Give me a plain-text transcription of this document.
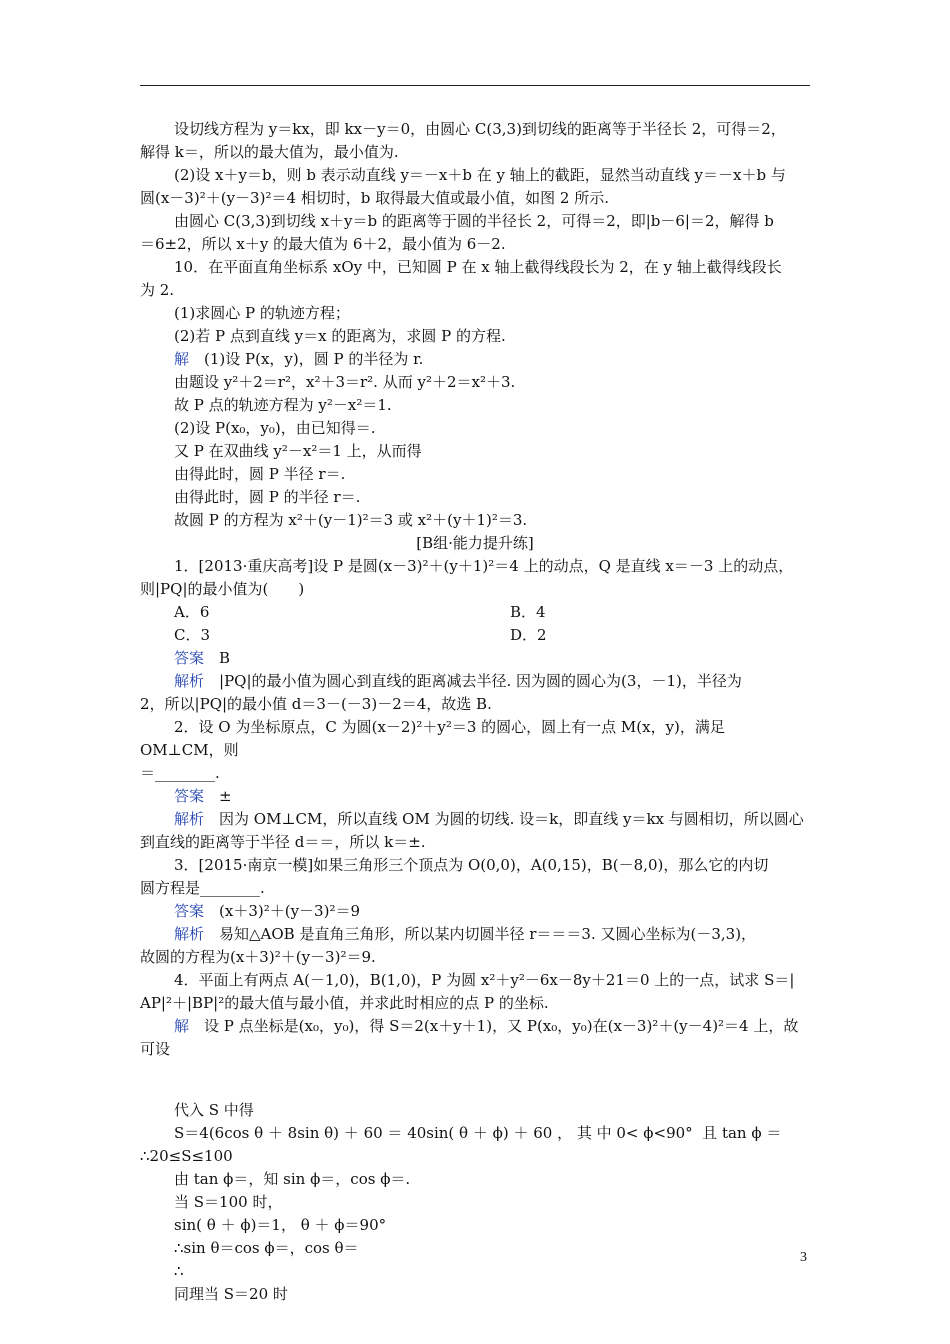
设切线方程为 y＝kx，即 kx－y＝0，由圆心 C(3,3)到切线的距离等于半径长 2，可得＝2，

解得 k＝，所以的最大值为，最小值为.

(2)设 x＋y＝b，则 b 表示动直线 y＝－x＋b 在 y 轴上的截距，显然当动直线 y＝－x＋b 与

圆(x－3)²＋(y－3)²＝4 相切时，b 取得最大值或最小值，如图 2 所示.

由圆心 C(3,3)到切线 x＋y＝b 的距离等于圆的半径长 2，可得＝2，即|b－6|＝2，解得 b

＝6±2，所以 x＋y 的最大值为 6＋2，最小值为 6－2.

10．在平面直角坐标系 xOy 中，已知圆 P 在 x 轴上截得线段长为 2，在 y 轴上截得线段长

为 2.

(1)求圆心 P 的轨迹方程；

(2)若 P 点到直线 y＝x 的距离为，求圆 P 的方程.

解　(1)设 P(x，y)，圆 P 的半径为 r.

由题设 y²＋2＝r²，x²＋3＝r². 从而 y²＋2＝x²＋3.

故 P 点的轨迹方程为 y²－x²＝1.

(2)设 P(x₀，y₀)，由已知得＝.

又 P 在双曲线 y²－x²＝1 上，从而得

由得此时，圆 P 半径 r＝.

由得此时，圆 P 的半径 r＝.

故圆 P 的方程为 x²＋(y－1)²＝3 或 x²＋(y＋1)²＝3.

[B组·能力提升练]

1．[2013·重庆高考]设 P 是圆(x－3)²＋(y＋1)²＝4 上的动点，Q 是直线 x＝－3 上的动点，

则|PQ|的最小值为(　　)

A．6	B．4
C．3	D．2

答案　B

解析　|PQ|的最小值为圆心到直线的距离减去半径. 因为圆的圆心为(3，－1)，半径为

2，所以|PQ|的最小值 d＝3－(－3)－2＝4，故选 B.

2．设 O 为坐标原点，C 为圆(x－2)²＋y²＝3 的圆心，圆上有一点 M(x，y)，满足 OM⊥CM，则

＝________.

答案　±

解析　因为 OM⊥CM，所以直线 OM 为圆的切线. 设＝k，即直线 y＝kx 与圆相切，所以圆心

到直线的距离等于半径 d＝＝，所以 k＝±.

3．[2015·南京一模]如果三角形三个顶点为 O(0,0)，A(0,15)，B(－8,0)，那么它的内切

圆方程是________.

答案　(x＋3)²＋(y－3)²＝9

解析　易知△AOB 是直角三角形，所以某内切圆半径 r＝＝＝3. 又圆心坐标为(－3,3)，

故圆的方程为(x＋3)²＋(y－3)²＝9.

4．平面上有两点 A(－1,0)，B(1,0)，P 为圆 x²＋y²－6x－8y＋21＝0 上的一点，试求 S＝|

AP|²＋|BP|²的最大值与最小值，并求此时相应的点 P 的坐标.

解　设 P 点坐标是(x₀，y₀)，得 S＝2(x＋y＋1)，又 P(x₀，y₀)在(x－3)²＋(y－4)²＝4 上，故

可设

代入 S 中得

S＝4(6cos θ ＋ 8sin θ) ＋ 60 ＝ 40sin( θ ＋ ϕ) ＋ 60 ， 其 中 0< ϕ<90°  且 tan ϕ ＝

∴20≤S≤100

由 tan ϕ＝，知 sin ϕ＝，cos ϕ＝.

当 S＝100 时，

sin( θ ＋ ϕ)＝1， θ ＋ ϕ＝90°

∴sin θ＝cos ϕ＝，cos θ＝

∴

同理当 S＝20 时

3
